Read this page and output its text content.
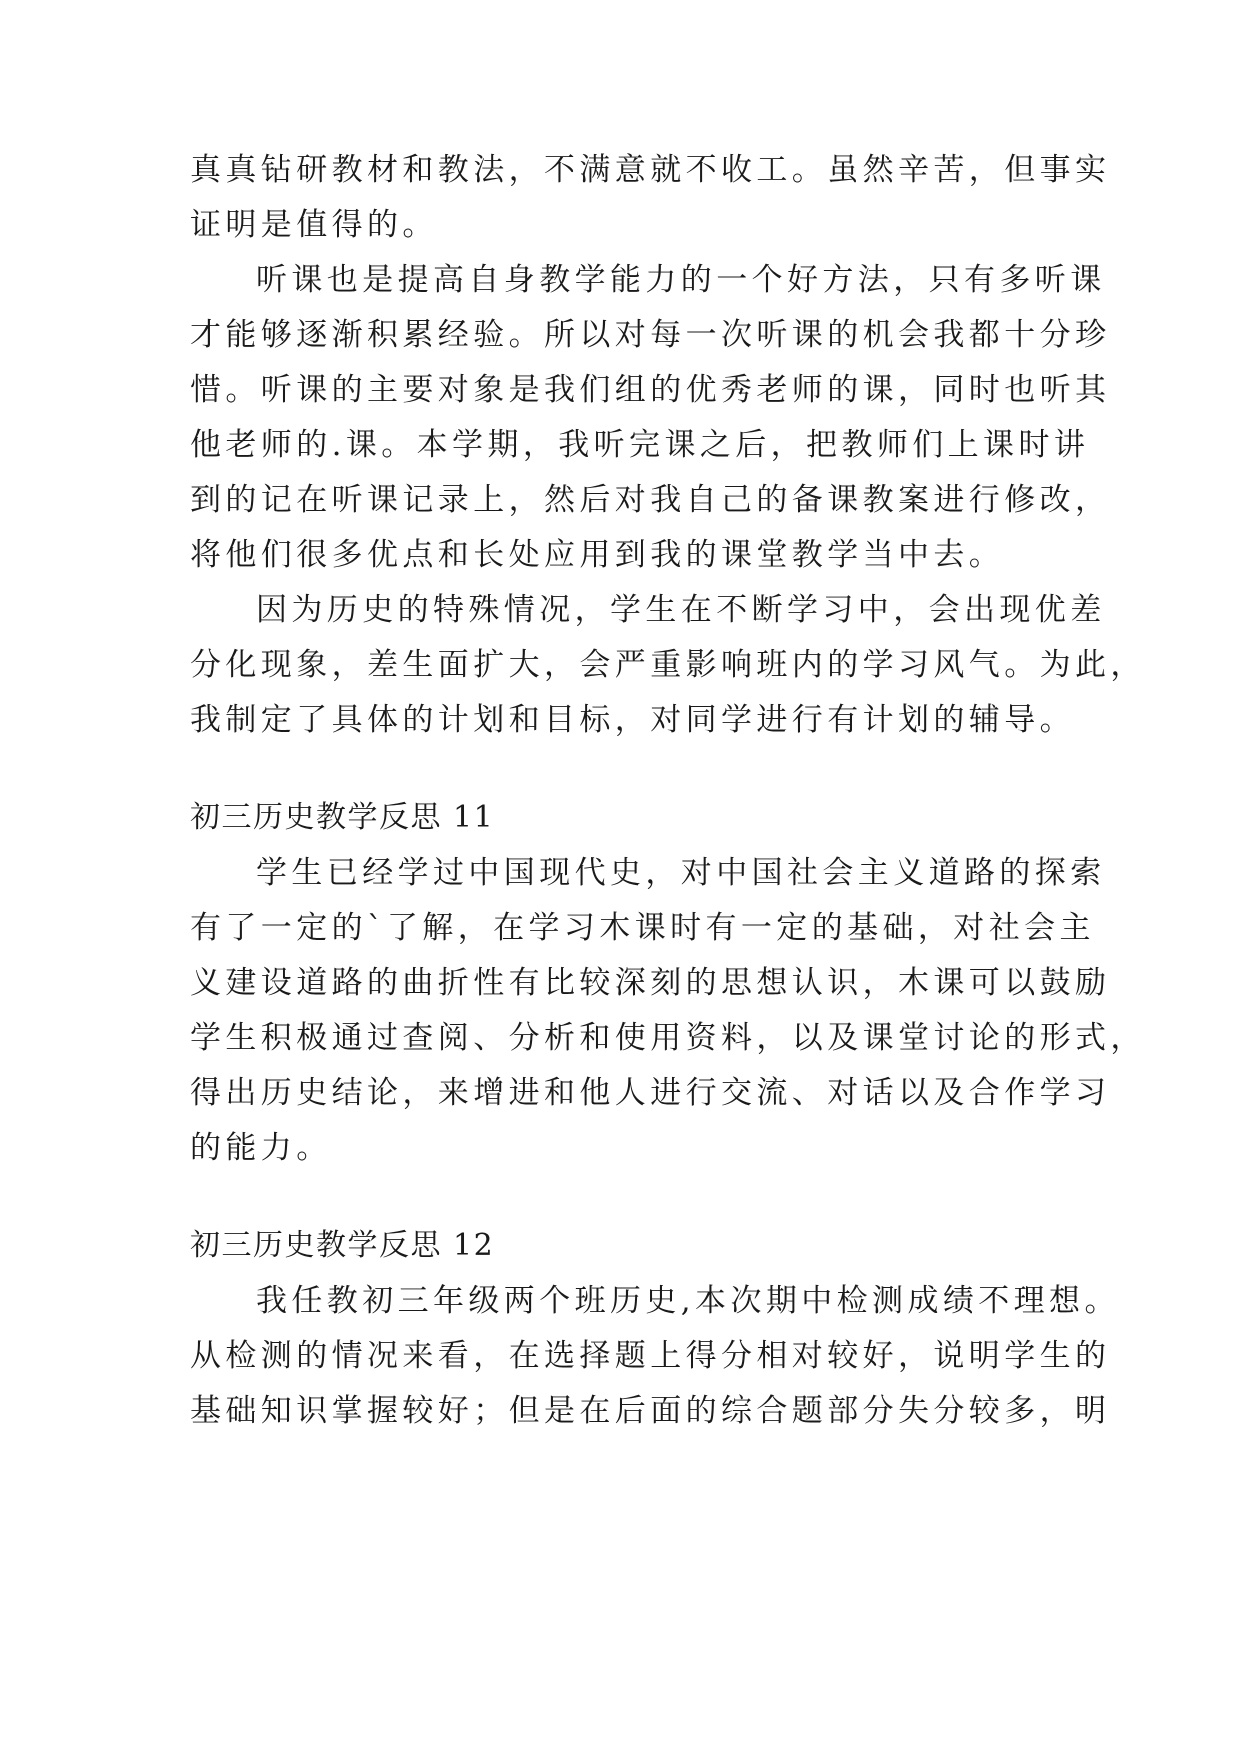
真真钻研教材和教法，不满意就不收工。虽然辛苦，但事实
证明是值得的。
听课也是提高自身教学能力的一个好方法，只有多听课
才能够逐渐积累经验。所以对每一次听课的机会我都十分珍
惜。听课的主要对象是我们组的优秀老师的课，同时也听其
他老师的.课。本学期，我听完课之后，把教师们上课时讲
到的记在听课记录上，然后对我自己的备课教案进行修改，
将他们很多优点和长处应用到我的课堂教学当中去。
因为历史的特殊情况，学生在不断学习中，会出现优差
分化现象，差生面扩大，会严重影响班内的学习风气。为此，
我制定了具体的计划和目标，对同学进行有计划的辅导。
初三历史教学反思 11
学生已经学过中国现代史，对中国社会主义道路的探索
有了一定的`了解，在学习木课时有一定的基础，对社会主
义建设道路的曲折性有比较深刻的思想认识，木课可以鼓励
学生积极通过查阅、分析和使用资料，以及课堂讨论的形式，
得出历史结论，来增进和他人进行交流、对话以及合作学习
的能力。
初三历史教学反思 12
我任教初三年级两个班历史,本次期中检测成绩不理想。
从检测的情况来看，在选择题上得分相对较好，说明学生的
基础知识掌握较好；但是在后面的综合题部分失分较多，明
